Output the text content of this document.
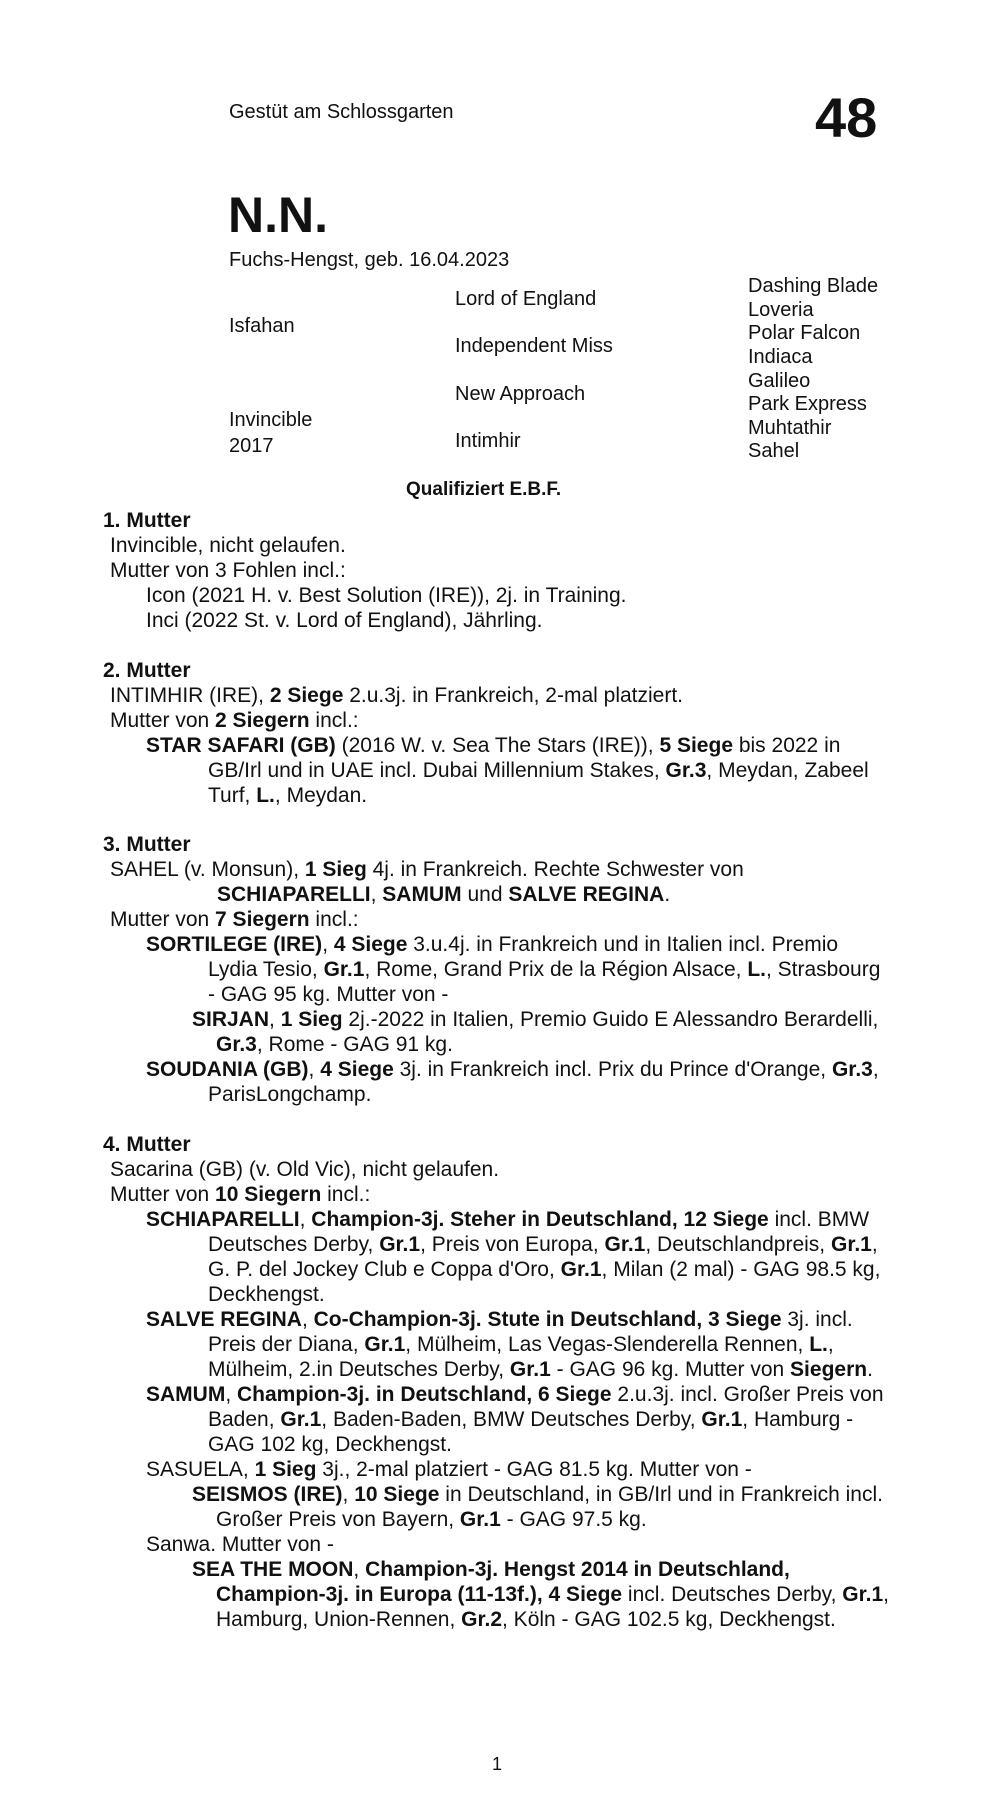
Gestüt am Schlossgarten	48
N.N.
Fuchs-Hengst, geb. 16.04.2023
Isfahan
Invincible
2017
Lord of England
Independent Miss
New Approach
Intimhir
Dashing Blade
Loveria
Polar Falcon
Indiaca
Galileo
Park Express
Muhtathir
Sahel
Qualifiziert E.B.F.
1. Mutter
Invincible, nicht gelaufen.
Mutter von 3 Fohlen incl.:
Icon (2021 H. v. Best Solution (IRE)), 2j. in Training.
Inci (2022 St. v. Lord of England), Jährling.
2. Mutter

INTIMHIR (IRE), 2 Siege 2.u.3j. in Frankreich, 2-mal platziert.

Mutter von 2 Siegern incl.:

STAR SAFARI (GB) (2016 W. v. Sea The Stars (IRE)), 5 Siege bis 2022 in GB/Irl und in UAE incl. Dubai Millennium Stakes, Gr.3, Meydan, Zabeel Turf, L., Meydan.

3. Mutter

SAHEL (v. Monsun), 1 Sieg 4j. in Frankreich. Rechte Schwester von

SCHIAPARELLI, SAMUM und SALVE REGINA.

Mutter von 7 Siegern incl.:

SORTILEGE (IRE), 4 Siege 3.u.4j. in Frankreich und in Italien incl. Premio Lydia Tesio, Gr.1, Rome, Grand Prix de la Région Alsace, L., Strasbourg - GAG 95 kg. Mutter von -

SIRJAN, 1 Sieg 2j.-2022 in Italien, Premio Guido E Alessandro Berardelli, Gr.3, Rome - GAG 91 kg.

SOUDANIA (GB), 4 Siege 3j. in Frankreich incl. Prix du Prince d'Orange, Gr.3, ParisLongchamp.

4. Mutter

Sacarina (GB) (v. Old Vic), nicht gelaufen.

Mutter von 10 Siegern incl.:

SCHIAPARELLI, Champion-3j. Steher in Deutschland, 12 Siege incl. BMW Deutsches Derby, Gr.1, Preis von Europa, Gr.1, Deutschlandpreis, Gr.1, G. P. del Jockey Club e Coppa d'Oro, Gr.1, Milan (2 mal) - GAG 98.5 kg, Deckhengst.

SALVE REGINA, Co-Champion-3j. Stute in Deutschland, 3 Siege 3j. incl. Preis der Diana, Gr.1, Mülheim, Las Vegas-Slenderella Rennen, L., Mülheim, 2.in Deutsches Derby, Gr.1 - GAG 96 kg. Mutter von Siegern.

SAMUM, Champion-3j. in Deutschland, 6 Siege 2.u.3j. incl. Großer Preis von Baden, Gr.1, Baden-Baden, BMW Deutsches Derby, Gr.1, Hamburg - GAG 102 kg, Deckhengst.

SASUELA, 1 Sieg 3j., 2-mal platziert - GAG 81.5 kg. Mutter von -

SEISMOS (IRE), 10 Siege in Deutschland, in GB/Irl und in Frankreich incl. Großer Preis von Bayern, Gr.1 - GAG 97.5 kg.

Sanwa. Mutter von -

SEA THE MOON, Champion-3j. Hengst 2014 in Deutschland, Champion-3j. in Europa (11-13f.), 4 Siege incl. Deutsches Derby, Gr.1, Hamburg, Union-Rennen, Gr.2, Köln - GAG 102.5 kg, Deckhengst.

1
